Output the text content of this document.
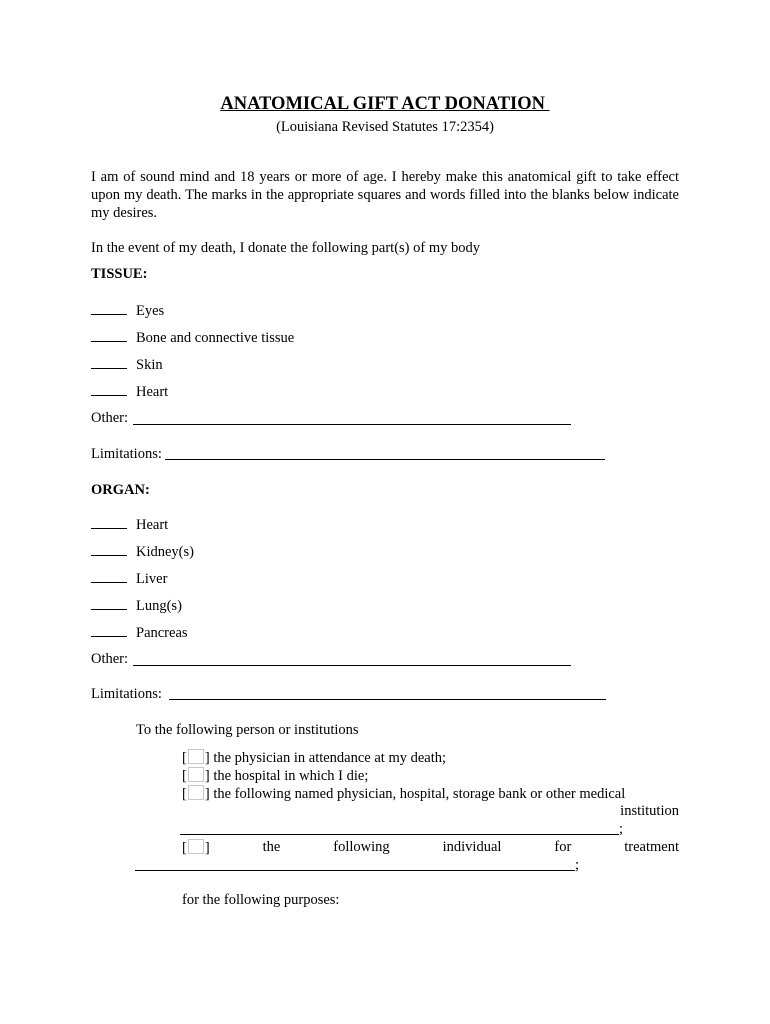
ANATOMICAL GIFT ACT DONATION
(Louisiana Revised Statutes 17:2354)
I am of sound mind and 18 years or more of age. I hereby make this anatomical gift to take effect upon my death. The marks in the appropriate squares and words filled into the blanks below indicate my desires.
In the event of my death, I donate the following part(s) of my body
TISSUE:
Eyes
Bone and connective tissue
Skin
Heart
Other:
Limitations:
ORGAN:
Heart
Kidney(s)
Liver
Lung(s)
Pancreas
Other:
Limitations:
To the following person or institutions
[ ] the physician in attendance at my death;
[ ] the hospital in which I die;
[ ] the following named physician, hospital, storage bank or other medical
institution
;
[ ]	the	following	individual	for	treatment
;
for the following purposes:
